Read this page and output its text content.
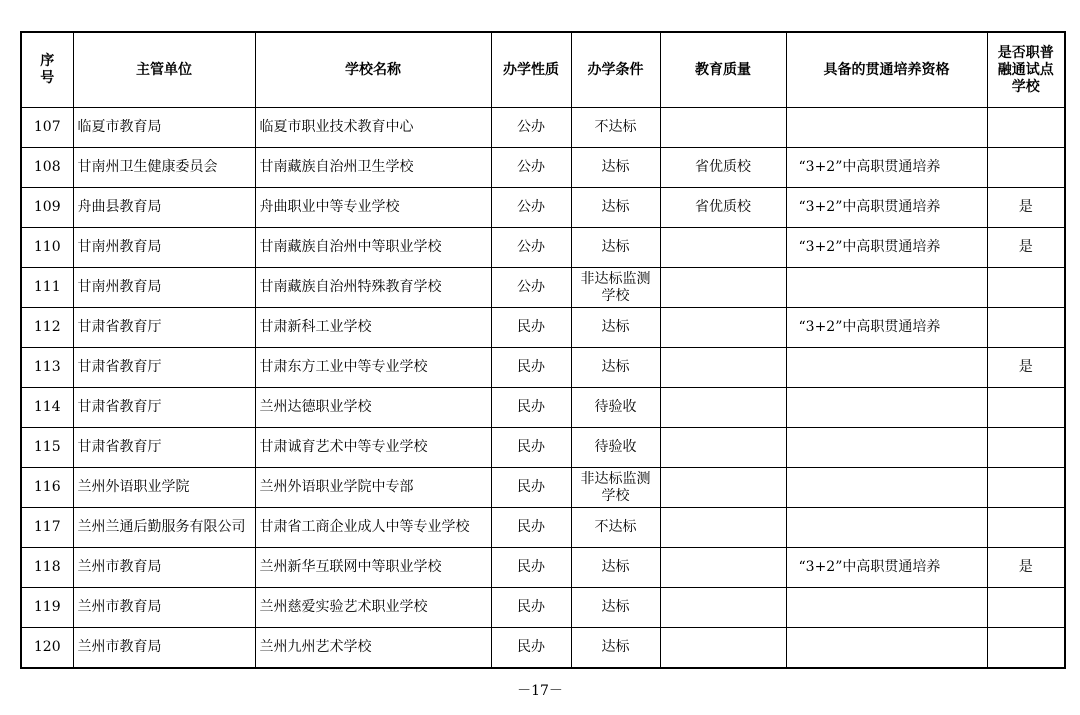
序号	主管单位	学校名称	办学性质	办学条件	教育质量	具备的贯通培养资格	是否职普融通试点学校
107	临夏市教育局	临夏市职业技术教育中心	公办	不达标			
108	甘南州卫生健康委员会	甘南藏族自治州卫生学校	公办	达标	省优质校	“3+2”中高职贯通培养	
109	舟曲县教育局	舟曲职业中等专业学校	公办	达标	省优质校	“3+2”中高职贯通培养	是
110	甘南州教育局	甘南藏族自治州中等职业学校	公办	达标		“3+2”中高职贯通培养	是
111	甘南州教育局	甘南藏族自治州特殊教育学校	公办	非达标监测学校			
112	甘肃省教育厅	甘肃新科工业学校	民办	达标		“3+2”中高职贯通培养	
113	甘肃省教育厅	甘肃东方工业中等专业学校	民办	达标			是
114	甘肃省教育厅	兰州达德职业学校	民办	待验收			
115	甘肃省教育厅	甘肃诚育艺术中等专业学校	民办	待验收			
116	兰州外语职业学院	兰州外语职业学院中专部	民办	非达标监测学校			
117	兰州兰通后勤服务有限公司	甘肃省工商企业成人中等专业学校	民办	不达标			
118	兰州市教育局	兰州新华互联网中等职业学校	民办	达标		“3+2”中高职贯通培养	是
119	兰州市教育局	兰州慈爱实验艺术职业学校	民办	达标			
120	兰州市教育局	兰州九州艺术学校	民办	达标			
－17－
